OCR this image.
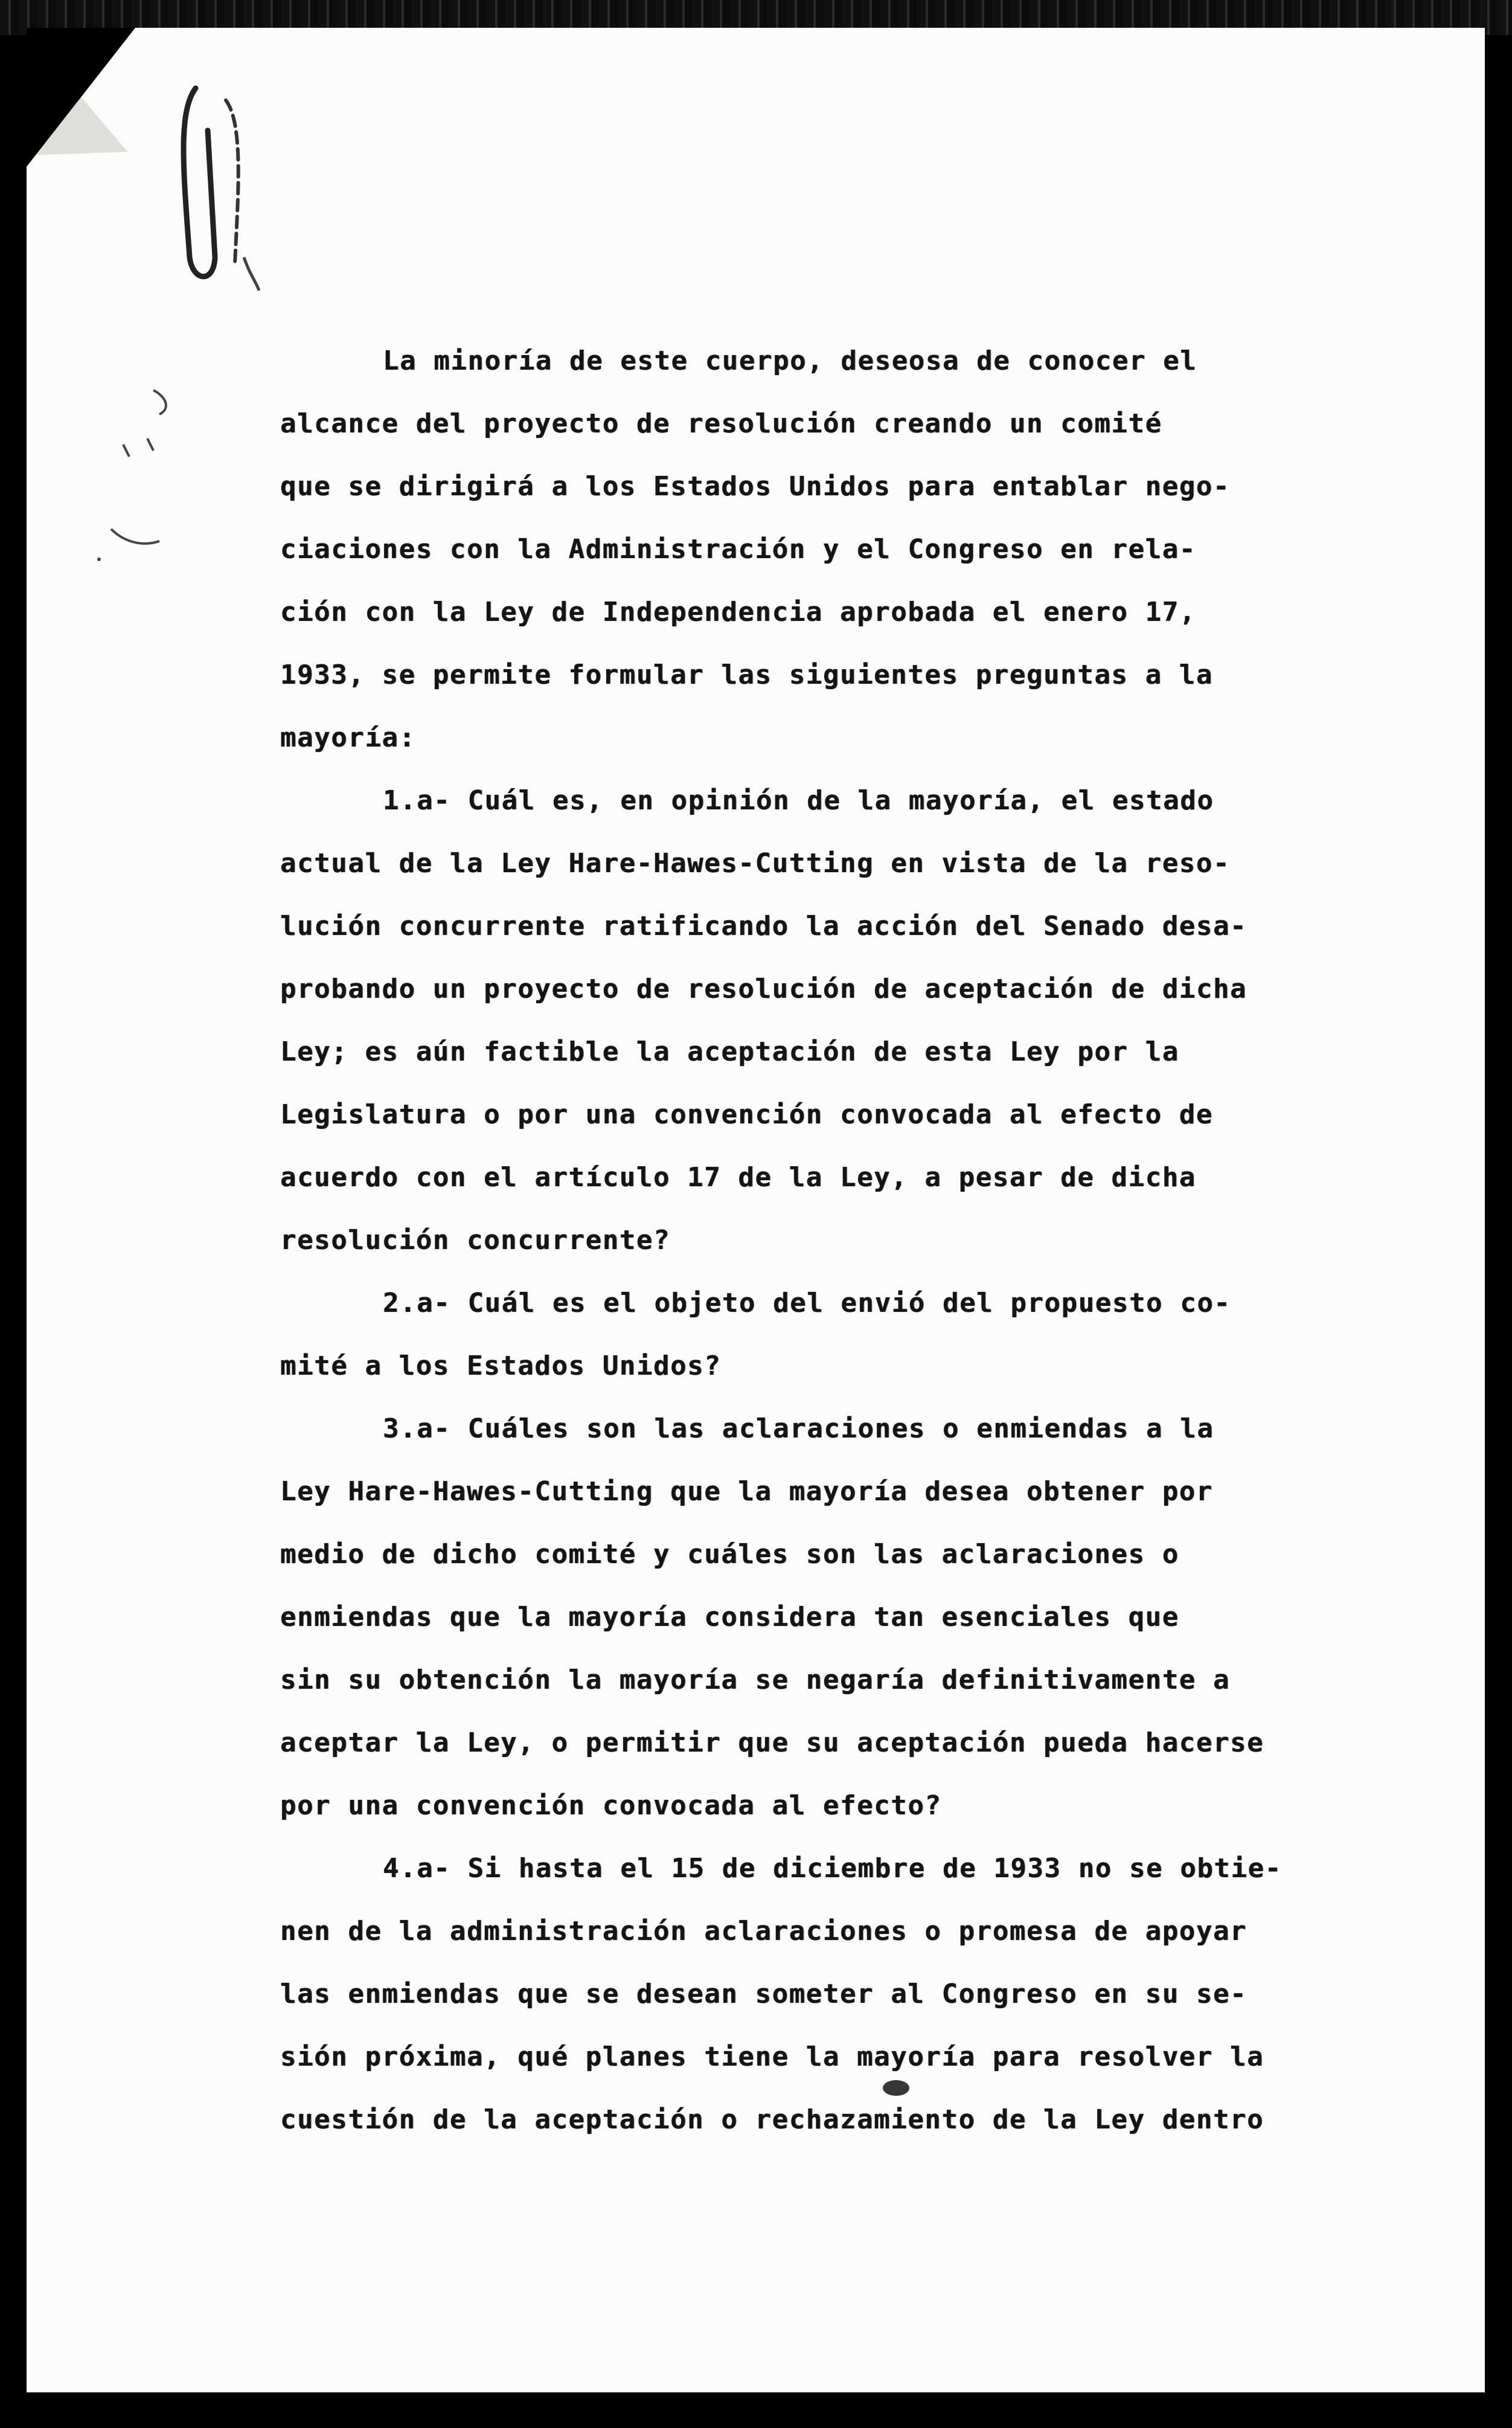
La minoría de este cuerpo, deseosa de conocer el
alcance del proyecto de resolución creando un comité
que se dirigirá a los Estados Unidos para entablar nego-
ciaciones con la Administración y el Congreso en rela-
ción con la Ley de Independencia aprobada el enero 17,
1933, se permite formular las siguientes preguntas a la
mayoría:
1.a- Cuál es, en opinión de la mayoría, el estado
actual de la Ley Hare-Hawes-Cutting en vista de la reso-
lución concurrente ratificando la acción del Senado desa-
probando un proyecto de resolución de aceptación de dicha
Ley; es aún factible la aceptación de esta Ley por la
Legislatura o por una convención convocada al efecto de
acuerdo con el artículo 17 de la Ley, a pesar de dicha
resolución concurrente?
2.a- Cuál es el objeto del envió del propuesto co-
mité a los Estados Unidos?
3.a- Cuáles son las aclaraciones o enmiendas a la
Ley Hare-Hawes-Cutting que la mayoría desea obtener por
medio de dicho comité y cuáles son las aclaraciones o
enmiendas que la mayoría considera tan esenciales que
sin su obtención la mayoría se negaría definitivamente a
aceptar la Ley, o permitir que su aceptación pueda hacerse
por una convención convocada al efecto?
4.a- Si hasta el 15 de diciembre de 1933 no se obtie-
nen de la administración aclaraciones o promesa de apoyar
las enmiendas que se desean someter al Congreso en su se-
sión próxima, qué planes tiene la mayoría para resolver la
cuestión de la aceptación o rechazamiento de la Ley dentro
